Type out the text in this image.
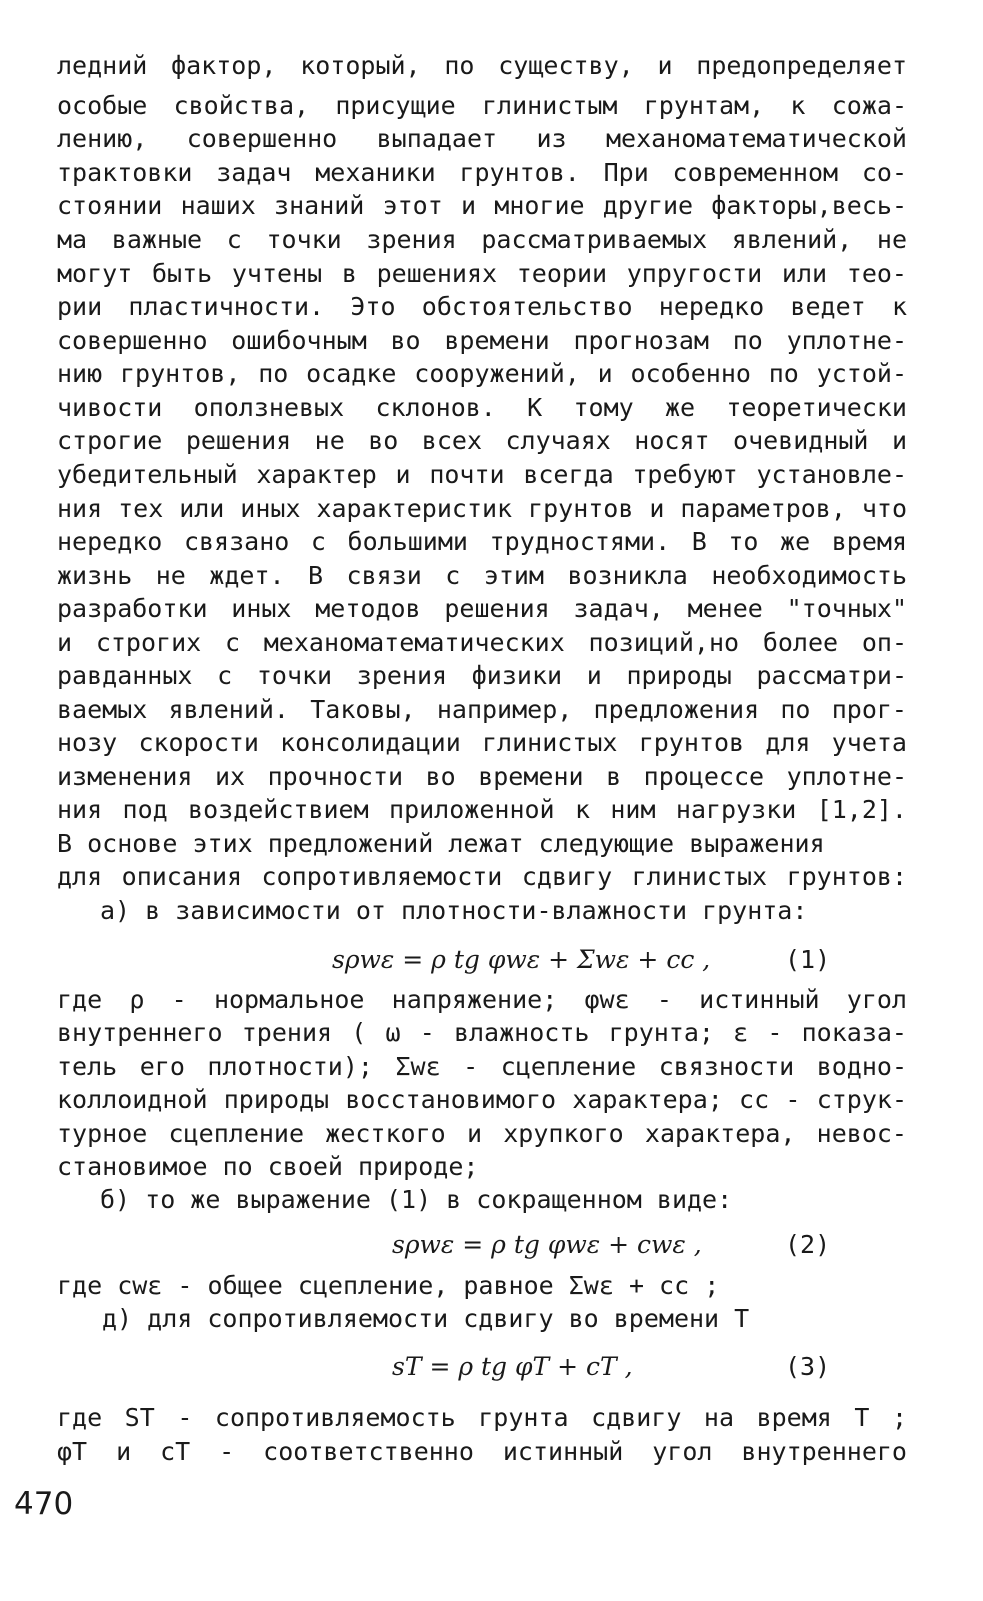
ледний фактор, который, по существу, и предопределяет
особые свойства, присущие глинистым грунтам, к сожа-
лению, совершенно выпадает из механоматематической
трактовки задач механики грунтов. При современном со-
стоянии наших знаний этот и многие другие факторы,весь-
ма важные с точки зрения рассматриваемых явлений, не
могут быть учтены в решениях теории упругости или тео-
рии пластичности. Это обстоятельство нередко ведет к
совершенно ошибочным во времени прогнозам по уплотне-
нию грунтов, по осадке сооружений, и особенно по устой-
чивости оползневых склонов. К тому же теоретически
строгие решения не во всех случаях носят очевидный и
убедительный характер и почти всегда требуют установле-
ния тех или иных характеристик грунтов и параметров, что
нередко связано с большими трудностями. В то же время
жизнь не ждет. В связи с этим возникла необходимость
разработки иных методов решения задач, менее "точных"
и строгих с механоматематических позиций,но более оп-
равданных с точки зрения физики и природы рассматри-
ваемых явлений. Таковы, например, предложения по прог-
нозу скорости консолидации глинистых грунтов для учета
изменения их прочности во времени в процессе уплотне-
ния под воздействием приложенной к ним нагрузки [1,2].
В основе этих предложений лежат следующие выражения
для описания сопротивляемости сдвигу глинистых грунтов:
а) в зависимости от плотности-влажности грунта:
sρwε = ρ tg φwε + Σwε + cc ,	(1)
где ρ - нормальное напряжение; φwε - истинный угол
внутреннего трения ( ω - влажность грунта; ε - показа-
тель его плотности); Σwε - сцепление связности водно-
коллоидной природы восстановимого характера; cc - струк-
турное сцепление жесткого и хрупкого характера, невос-
становимое по своей природе;
б) то же выражение (1) в сокращенном виде:
sρwε = ρ tg φwε + cwε ,	(2)
где cwε - общее сцепление, равное Σwε + cc ;
д) для сопротивляемости сдвигу во времени T
sT = ρ tg φT + cT ,	(3)
где ST - сопротивляемость грунта сдвигу на время T ;
φT и cT - соответственно истинный угол внутреннего
470
